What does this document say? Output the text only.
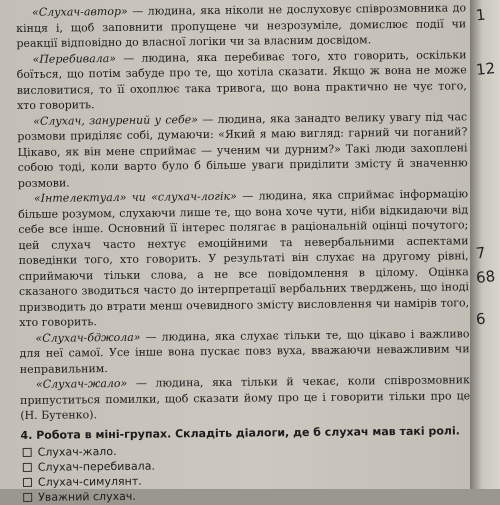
«Слухач-автор» — людина, яка ніколи не дослуховує співрозмовника до кінця і, щоб заповнити пропущене чи незрозуміле, домислює події чи реакції відповідно до власної логіки чи за власним досвідом.

«Перебивала» — людина, яка перебиває того, хто говорить, оскільки боїться, що потім забуде про те, що хотіла сказати. Якщо ж вона не може висловитися, то її охоплює така тривога, що вона практично не чує того, хто говорить.

«Слухач, занурений у себе» — людина, яка занадто велику увагу під час розмови приділяє собі, думаючи: «Який я маю вигляд: гарний чи поганий? Цікаво, як він мене сприймає — ученим чи дурним?» Такі люди захоплені собою тоді, коли варто було б більше уваги приділити змісту й значенню розмови.

«Інтелектуал» чи «слухач-логік» — людина, яка сприймає інформацію більше розумом, слухаючи лише те, що вона хоче чути, ніби відкидаючи від себе все інше. Основний її інтерес полягає в раціональній оцінці почутого; цей слухач часто нехтує емоційними та невербальними аспектами поведінки того, хто говорить. У результаті він слухає на другому рівні, сприймаючи тільки слова, а не все повідомлення в цілому. Оцінка сказаного зводиться часто до інтерпретації вербальних тверджень, що іноді призводить до втрати менш очевидного змісту висловлення чи намірів того, хто говорить.

«Слухач-бджола» — людина, яка слухає тільки те, що цікаво і важливо для неї самої. Усе інше вона пускає повз вуха, вважаючи неважливим чи неправильним.

«Слухач-жало» — людина, яка тільки й чекає, коли співрозмовник припуститься помилки, щоб сказати йому про це і говорити тільки про це (Н. Бутенко).

4. Робота в міні-групах. Складіть діалоги, де б слухач мав такі ролі.
Слухач-жало.
Слухач-перебивала.
Слухач-симулянт.
Уважний слухач.
1
12
7
68
6
